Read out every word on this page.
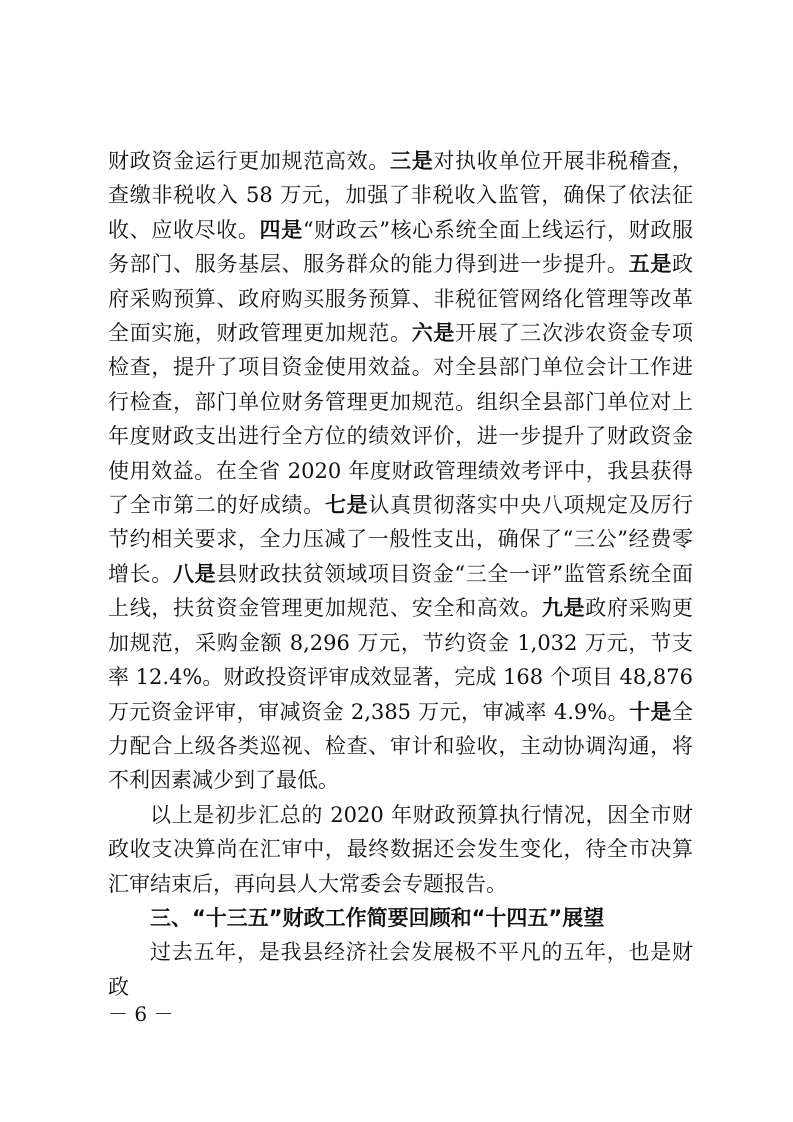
财政资金运行更加规范高效。三是对执收单位开展非税稽查，查缴非税收入 58 万元，加强了非税收入监管，确保了依法征收、应收尽收。四是“财政云”核心系统全面上线运行，财政服务部门、服务基层、服务群众的能力得到进一步提升。五是政府采购预算、政府购买服务预算、非税征管网络化管理等改革全面实施，财政管理更加规范。六是开展了三次涉农资金专项检查，提升了项目资金使用效益。对全县部门单位会计工作进行检查，部门单位财务管理更加规范。组织全县部门单位对上年度财政支出进行全方位的绩效评价，进一步提升了财政资金使用效益。在全省 2020 年度财政管理绩效考评中，我县获得了全市第二的好成绩。七是认真贯彻落实中央八项规定及厉行节约相关要求，全力压减了一般性支出，确保了“三公”经费零增长。八是县财政扶贫领域项目资金“三全一评”监管系统全面上线，扶贫资金管理更加规范、安全和高效。九是政府采购更加规范，采购金额 8,296 万元，节约资金 1,032 万元，节支率 12.4%。财政投资评审成效显著，完成 168 个项目 48,876 万元资金评审，审减资金 2,385 万元，审减率 4.9%。十是全力配合上级各类巡视、检查、审计和验收，主动协调沟通，将不利因素减少到了最低。

以上是初步汇总的 2020 年财政预算执行情况，因全市财政收支决算尚在汇审中，最终数据还会发生变化，待全市决算汇审结束后，再向县人大常委会专题报告。

三、“十三五”财政工作简要回顾和“十四五”展望

过去五年，是我县经济社会发展极不平凡的五年，也是财政

－ 6 －
